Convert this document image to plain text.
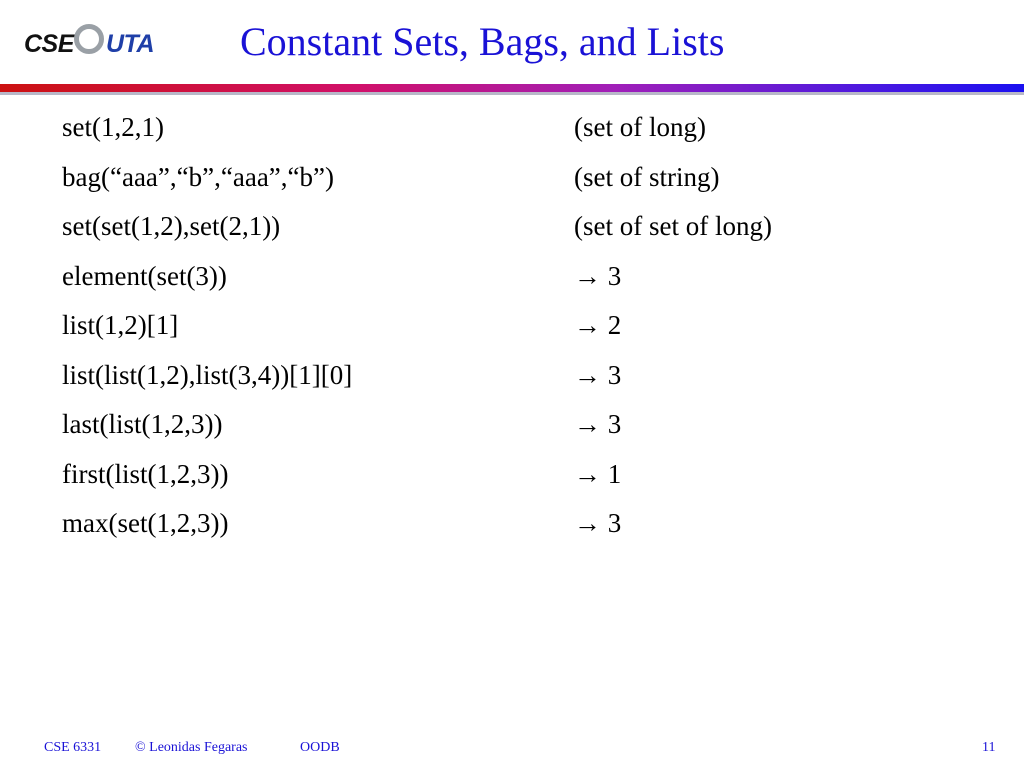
CSE UTA Constant Sets, Bags, and Lists
set(1,2,1)	(set of long)
bag(“aaa”,“b”,“aaa”,“b”)	(set of string)
set(set(1,2),set(2,1))	(set of set of long)
element(set(3))	→ 3
list(1,2)[1]	→ 2
list(list(1,2),list(3,4))[1][0]	→ 3
last(list(1,2,3))	→ 3
first(list(1,2,3))	→ 1
max(set(1,2,3))	→ 3
CSE 6331 © Leonidas Fegaras	OODB	11
